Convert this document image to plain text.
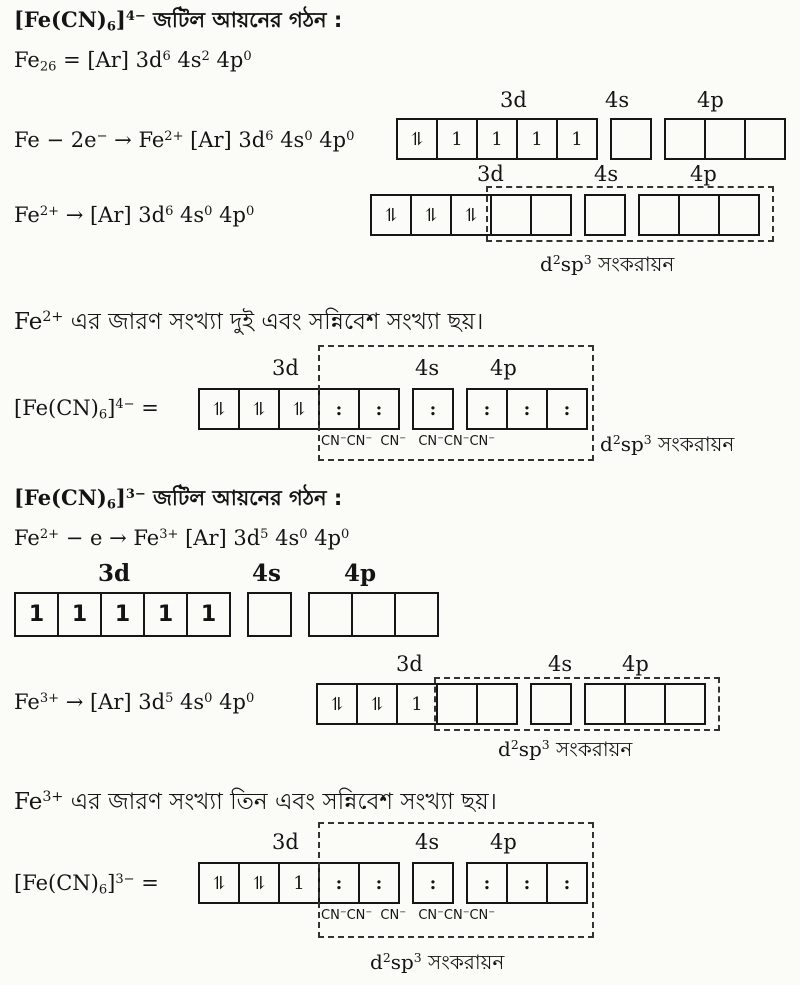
$[Fe(CN)_6]^{4-}$ জটিল আয়নের গঠন :
$Fe_{26} = [Ar]$ $3d^6$ $4s^2$ $4p^0$
3d	4s	4p
$Fe - 2e^- \to Fe^{2+}$ [Ar] $3d^6$ $4s^0$ $4p^0$	⥮	1	1	1	1
3d	4s	4p
$Fe^{2+} \to [Ar]$ $3d^6$ $4s^0$ $4p^0$	⥮	⥮	⥮
$d^2sp^3$ সংকরায়ন
$Fe^{2+}$ এর জারণ সংখ্যা দুই এবং সন্নিবেশ সংখ্যা ছয়।
3d	4s 4p
$[Fe(CN)_6]^{4-}$ =	⥮	⥮	⥮	:	:	:	:	:	:
CN−CN− CN− CN−CN−CN−	$d^2sp^3$ সংকরায়ন
$[Fe(CN)_6]^{3-}$ জটিল আয়নের গঠন :
$Fe^{2+} - e \to Fe^{3+}$ [Ar] $3d^5$ $4s^0$ $4p^0$
3d	4s	4p
1	1	1	1	1
3d	4s 4p
$Fe^{3+} \to [Ar]$ $3d^5$ $4s^0$ $4p^0$	⥮	⥮	1
$d^2sp^3$ সংকরায়ন
$Fe^{3+}$ এর জারণ সংখ্যা তিন এবং সন্নিবেশ সংখ্যা ছয়।
3d	4s 4p
$[Fe(CN)_6]^{3-}$ =	⥮	⥮	1	:	:	:	:	:	:
CN−CN− CN− CN−CN−CN−
$d^2sp^3$ সংকরায়ন
